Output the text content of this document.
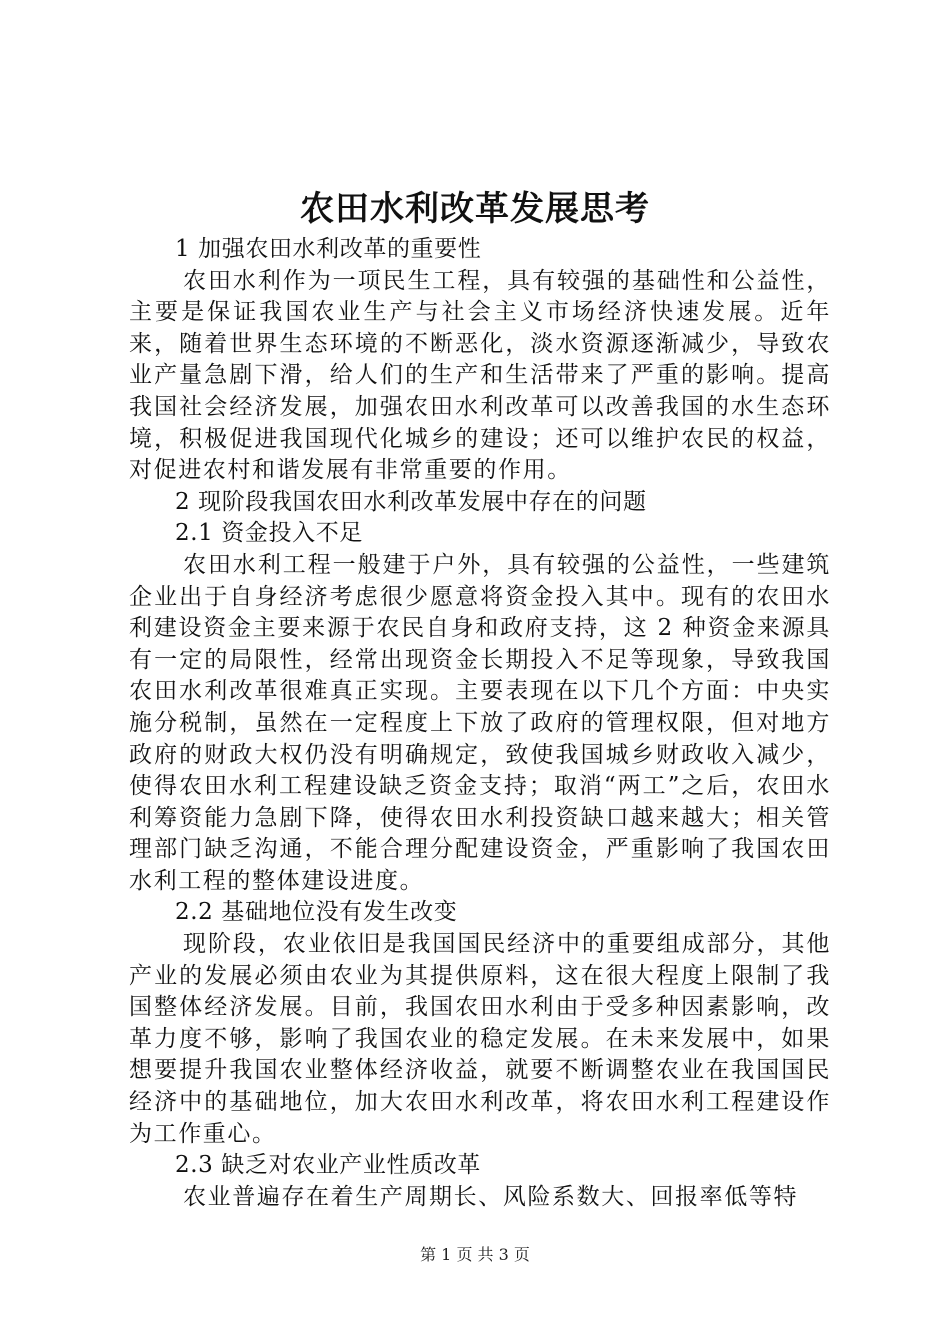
农田水利改革发展思考

1 加强农田水利改革的重要性

农田水利作为一项民生工程，具有较强的基础性和公益性，主要是保证我国农业生产与社会主义市场经济快速发展。近年来，随着世界生态环境的不断恶化，淡水资源逐渐减少，导致农业产量急剧下滑，给人们的生产和生活带来了严重的影响。提高我国社会经济发展，加强农田水利改革可以改善我国的水生态环境，积极促进我国现代化城乡的建设；还可以维护农民的权益，对促进农村和谐发展有非常重要的作用。

2 现阶段我国农田水利改革发展中存在的问题

2.1 资金投入不足

农田水利工程一般建于户外，具有较强的公益性，一些建筑企业出于自身经济考虑很少愿意将资金投入其中。现有的农田水利建设资金主要来源于农民自身和政府支持，这 2 种资金来源具有一定的局限性，经常出现资金长期投入不足等现象，导致我国农田水利改革很难真正实现。主要表现在以下几个方面：中央实施分税制，虽然在一定程度上下放了政府的管理权限，但对地方政府的财政大权仍没有明确规定，致使我国城乡财政收入减少，使得农田水利工程建设缺乏资金支持；取消“两工”之后，农田水利筹资能力急剧下降，使得农田水利投资缺口越来越大；相关管理部门缺乏沟通，不能合理分配建设资金，严重影响了我国农田水利工程的整体建设进度。

2.2 基础地位没有发生改变

现阶段，农业依旧是我国国民经济中的重要组成部分，其他产业的发展必须由农业为其提供原料，这在很大程度上限制了我国整体经济发展。目前，我国农田水利由于受多种因素影响，改革力度不够，影响了我国农业的稳定发展。在未来发展中，如果想要提升我国农业整体经济收益，就要不断调整农业在我国国民经济中的基础地位，加大农田水利改革，将农田水利工程建设作为工作重心。

2.3 缺乏对农业产业性质改革

农业普遍存在着生产周期长、风险系数大、回报率低等特

第 1 页 共 3 页
